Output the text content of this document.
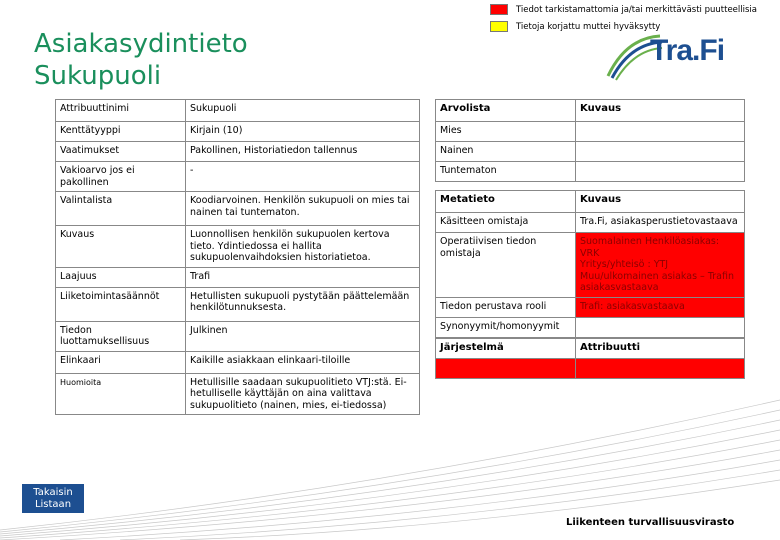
Tiedot tarkistamattomia ja/tai merkittävästi puutteellisia
Tietoja korjattu muttei hyväksytty
Asiakasydintieto
Sukupuoli
Tra.Fi
Attribuuttinimi	Sukupuoli
Kenttätyyppi	Kirjain (10)
Vaatimukset	Pakollinen, Historiatiedon tallennus
Vakioarvo jos ei pakollinen	-
Valintalista	Koodiarvoinen. Henkilön sukupuoli on mies tai nainen tai tuntematon.
Kuvaus	Luonnollisen henkilön sukupuolen kertova tieto. Ydintiedossa ei hallita sukupuolenvaihdoksien historiatietoa.
Laajuus	Trafi
Liiketoimintasäännöt	Hetullisten sukupuoli pystytään päättelemään henkilötunnuksesta.
Tiedon luottamuksellisuus	Julkinen
Elinkaari	Kaikille asiakkaan elinkaari-tiloille
Huomioita	Hetullisille saadaan sukupuolitieto VTJ:stä. Ei-hetulliselle käyttäjän on aina valittava sukupuolitieto (nainen, mies, ei-tiedossa)
Arvolista	Kuvaus
Mies	
Nainen	
Tuntematon	
Metatieto	Kuvaus
Käsitteen omistaja	Tra.Fi, asiakasperustietovastaava
Operatiivisen tiedon omistaja	Suomalainen Henkilöasiakas: VRK
Yritys/yhteisö : YTJ
Muu/ulkomainen asiakas – Trafin asiakasvastaava
Tiedon perustava rooli	Trafi: asiakasvastaava
Synonyymit/homonyymit	
Järjestelmä	Attribuutti

Takaisin
Listaan
Liikenteen turvallisuusvirasto
